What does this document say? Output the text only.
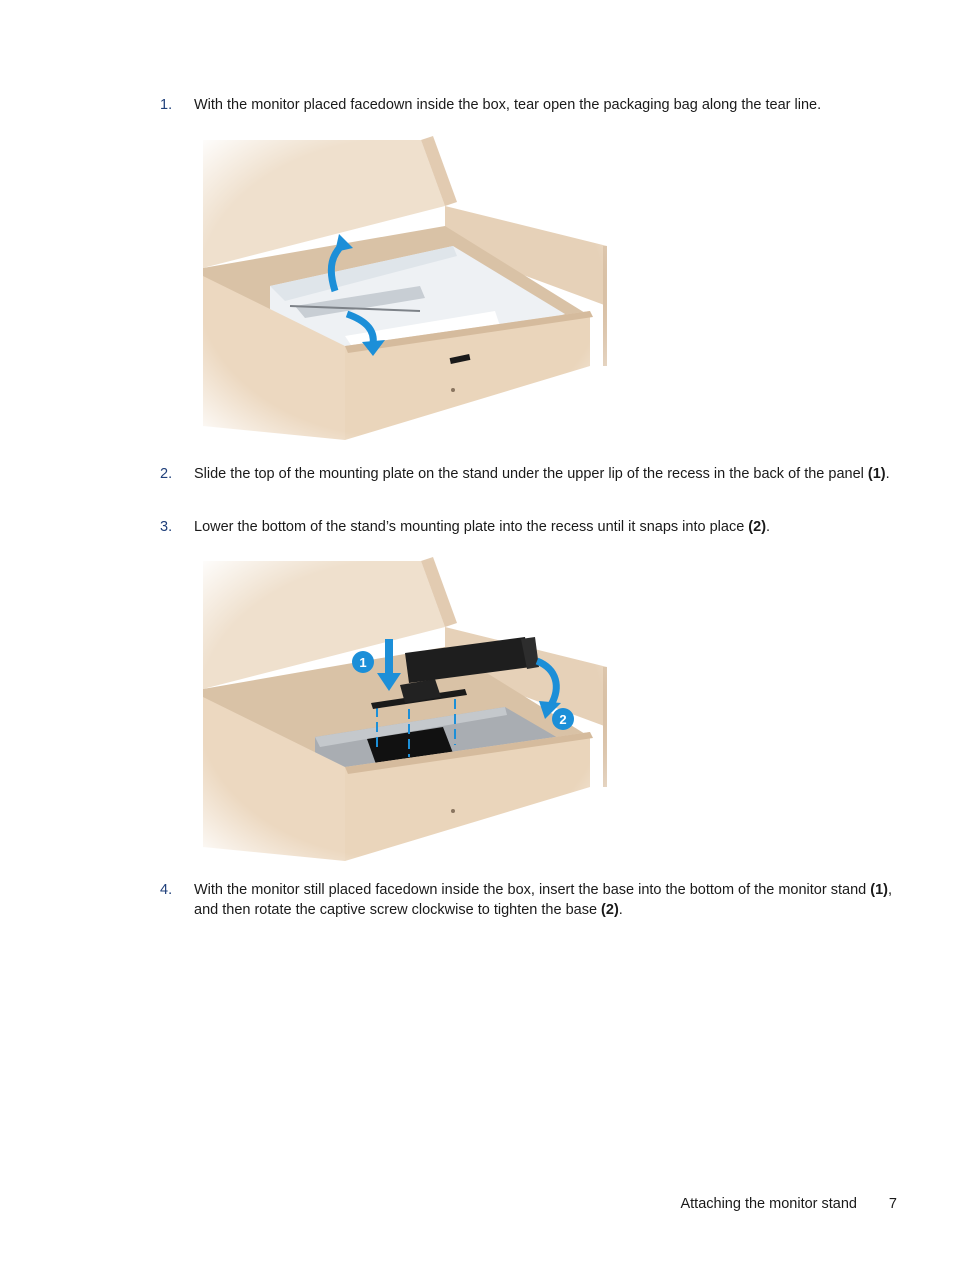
1.	With the monitor placed facedown inside the box, tear open the packaging bag along the tear line.
2.	Slide the top of the mounting plate on the stand under the upper lip of the recess in the back of the panel (1).
3.	Lower the bottom of the stand’s mounting plate into the recess until it snaps into place (2).
4.	With the monitor still placed facedown inside the box, insert the base into the bottom of the monitor stand (1), and then rotate the captive screw clockwise to tighten the base (2).
Attaching the monitor stand 7
